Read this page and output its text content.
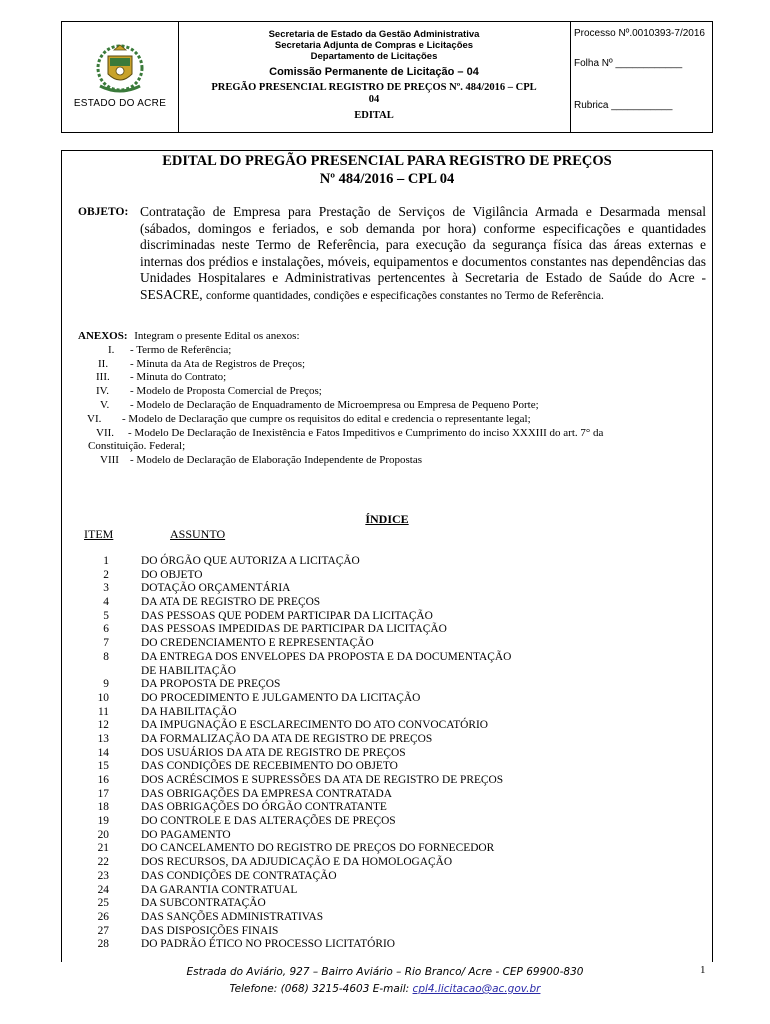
ESTADO DO ACRE
Secretaria de Estado da Gestão Administrativa
Secretaria Adjunta de Compras e Licitações
Departamento de Licitações
Comissão Permanente de Licitação – 04
PREGÃO PRESENCIAL REGISTRO DE PREÇOS Nº. 484/2016 – CPL
04
EDITAL
Processo Nº.0010393-7/2016
Folha Nº ____________
Rubrica ___________
EDITAL DO PREGÃO PRESENCIAL PARA REGISTRO DE PREÇOS
Nº 484/2016 – CPL 04
OBJETO: Contratação de Empresa para Prestação de Serviços de Vigilância Armada e Desarmada mensal (sábados, domingos e feriados, e sob demanda por hora) conforme especificações e quantidades discriminadas neste Termo de Referência, para execução da segurança física das áreas externas e internas dos prédios e instalações, móveis, equipamentos e documentos constantes nas dependências das Unidades Hospitalares e Administrativas pertencentes à Secretaria de Estado de Saúde do Acre - SESACRE, conforme quantidades, condições e especificações constantes no Termo de Referência.
ANEXOS: Integram o presente Edital os anexos:
I. - Termo de Referência;
II. - Minuta da Ata de Registros de Preços;
III. - Minuta do Contrato;
IV. - Modelo de Proposta Comercial de Preços;
V. - Modelo de Declaração de Enquadramento de Microempresa ou Empresa de Pequeno Porte;
VI. - Modelo de Declaração que cumpre os requisitos do edital e credencia o representante legal;
VII. - Modelo De Declaração de Inexistência e Fatos Impeditivos e Cumprimento do inciso XXXIII do art. 7° da
Constituição. Federal;
VIII - Modelo de Declaração de Elaboração Independente de Propostas
ÍNDICE
ITEM	ASSUNTO
1	DO ÓRGÃO QUE AUTORIZA A LICITAÇÃO
2	DO OBJETO
3	DOTAÇÃO ORÇAMENTÁRIA
4	DA ATA DE REGISTRO DE PREÇOS
5	DAS PESSOAS QUE PODEM PARTICIPAR DA LICITAÇÃO
6	DAS PESSOAS IMPEDIDAS DE PARTICIPAR DA LICITAÇÃO
7	DO CREDENCIAMENTO E REPRESENTAÇÃO
8	DA ENTREGA DOS ENVELOPES DA PROPOSTA E DA DOCUMENTAÇÃO
DE HABILITAÇÃO
9	DA PROPOSTA DE PREÇOS
10	DO PROCEDIMENTO E JULGAMENTO DA LICITAÇÃO
11	DA HABILITAÇÃO
12	DA IMPUGNAÇÃO E ESCLARECIMENTO DO ATO CONVOCATÓRIO
13	DA FORMALIZAÇÃO DA ATA DE REGISTRO DE PREÇOS
14	DOS USUÁRIOS DA ATA DE REGISTRO DE PREÇOS
15	DAS CONDIÇÕES DE RECEBIMENTO DO OBJETO
16	DOS ACRÉSCIMOS E SUPRESSÕES DA ATA DE REGISTRO DE PREÇOS
17	DAS OBRIGAÇÕES DA EMPRESA CONTRATADA
18	DAS OBRIGAÇÕES DO ÓRGÃO CONTRATANTE
19	DO CONTROLE E DAS ALTERAÇÕES DE PREÇOS
20	DO PAGAMENTO
21	DO CANCELAMENTO DO REGISTRO DE PREÇOS DO FORNECEDOR
22	DOS RECURSOS, DA ADJUDICAÇÃO E DA HOMOLOGAÇÃO
23	DAS CONDIÇÕES DE CONTRATAÇÃO
24	DA GARANTIA CONTRATUAL
25	DA SUBCONTRATAÇÃO
26	DAS SANÇÕES ADMINISTRATIVAS
27	DAS DISPOSIÇÕES FINAIS
28	DO PADRÃO ÉTICO NO PROCESSO LICITATÓRIO
Estrada do Aviário, 927 – Bairro Aviário – Rio Branco/ Acre - CEP 69900-830	1
Telefone: (068) 3215-4603 E-mail: cpl4.licitacao@ac.gov.br
